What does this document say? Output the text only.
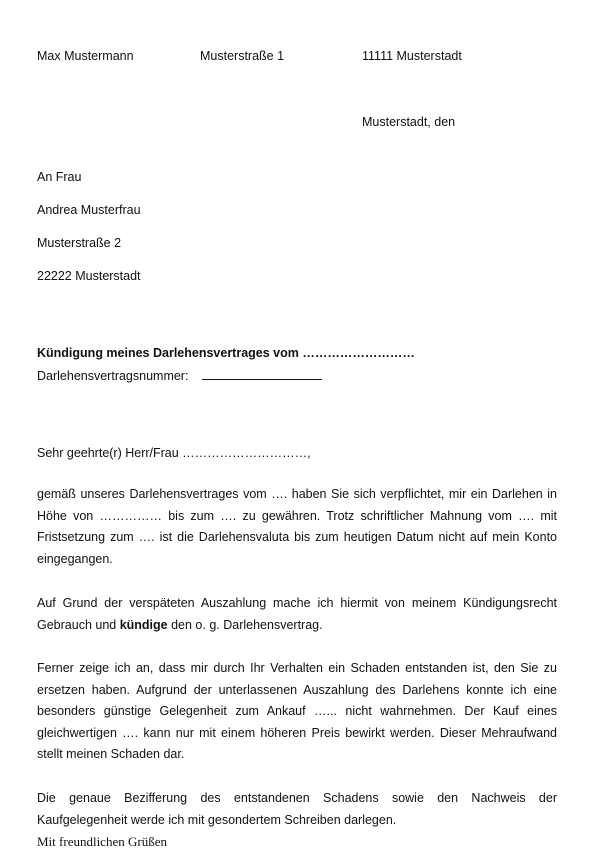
Max Mustermann	Musterstraße 1	11111 Musterstadt
Musterstadt, den
An Frau
Andrea Musterfrau
Musterstraße 2
22222 Musterstadt
Kündigung meines Darlehensvertrages vom ………………………
Darlehensvertragsnummer:
Sehr geehrte(r) Herr/Frau …………………………,
gemäß unseres Darlehensvertrages vom …. haben Sie sich verpflichtet, mir ein Darlehen in Höhe von …………… bis zum …. zu gewähren. Trotz schriftlicher Mahnung vom …. mit Fristsetzung zum …. ist die Darlehensvaluta bis zum heutigen Datum nicht auf mein Konto eingegangen.
Auf Grund der verspäteten Auszahlung mache ich hiermit von meinem Kündigungsrecht Gebrauch und kündige den o. g. Darlehensvertrag.
Ferner zeige ich an, dass mir durch Ihr Verhalten ein Schaden entstanden ist, den Sie zu ersetzen haben. Aufgrund der unterlassenen Auszahlung des Darlehens konnte ich eine besonders günstige Gelegenheit zum Ankauf …... nicht wahrnehmen. Der Kauf eines gleichwertigen …. kann nur mit einem höheren Preis bewirkt werden. Dieser Mehraufwand stellt meinen Schaden dar.
Die genaue Bezifferung des entstandenen Schadens sowie den Nachweis der Kaufgelegenheit werde ich mit gesondertem Schreiben darlegen.
Mit freundlichen Grüßen
